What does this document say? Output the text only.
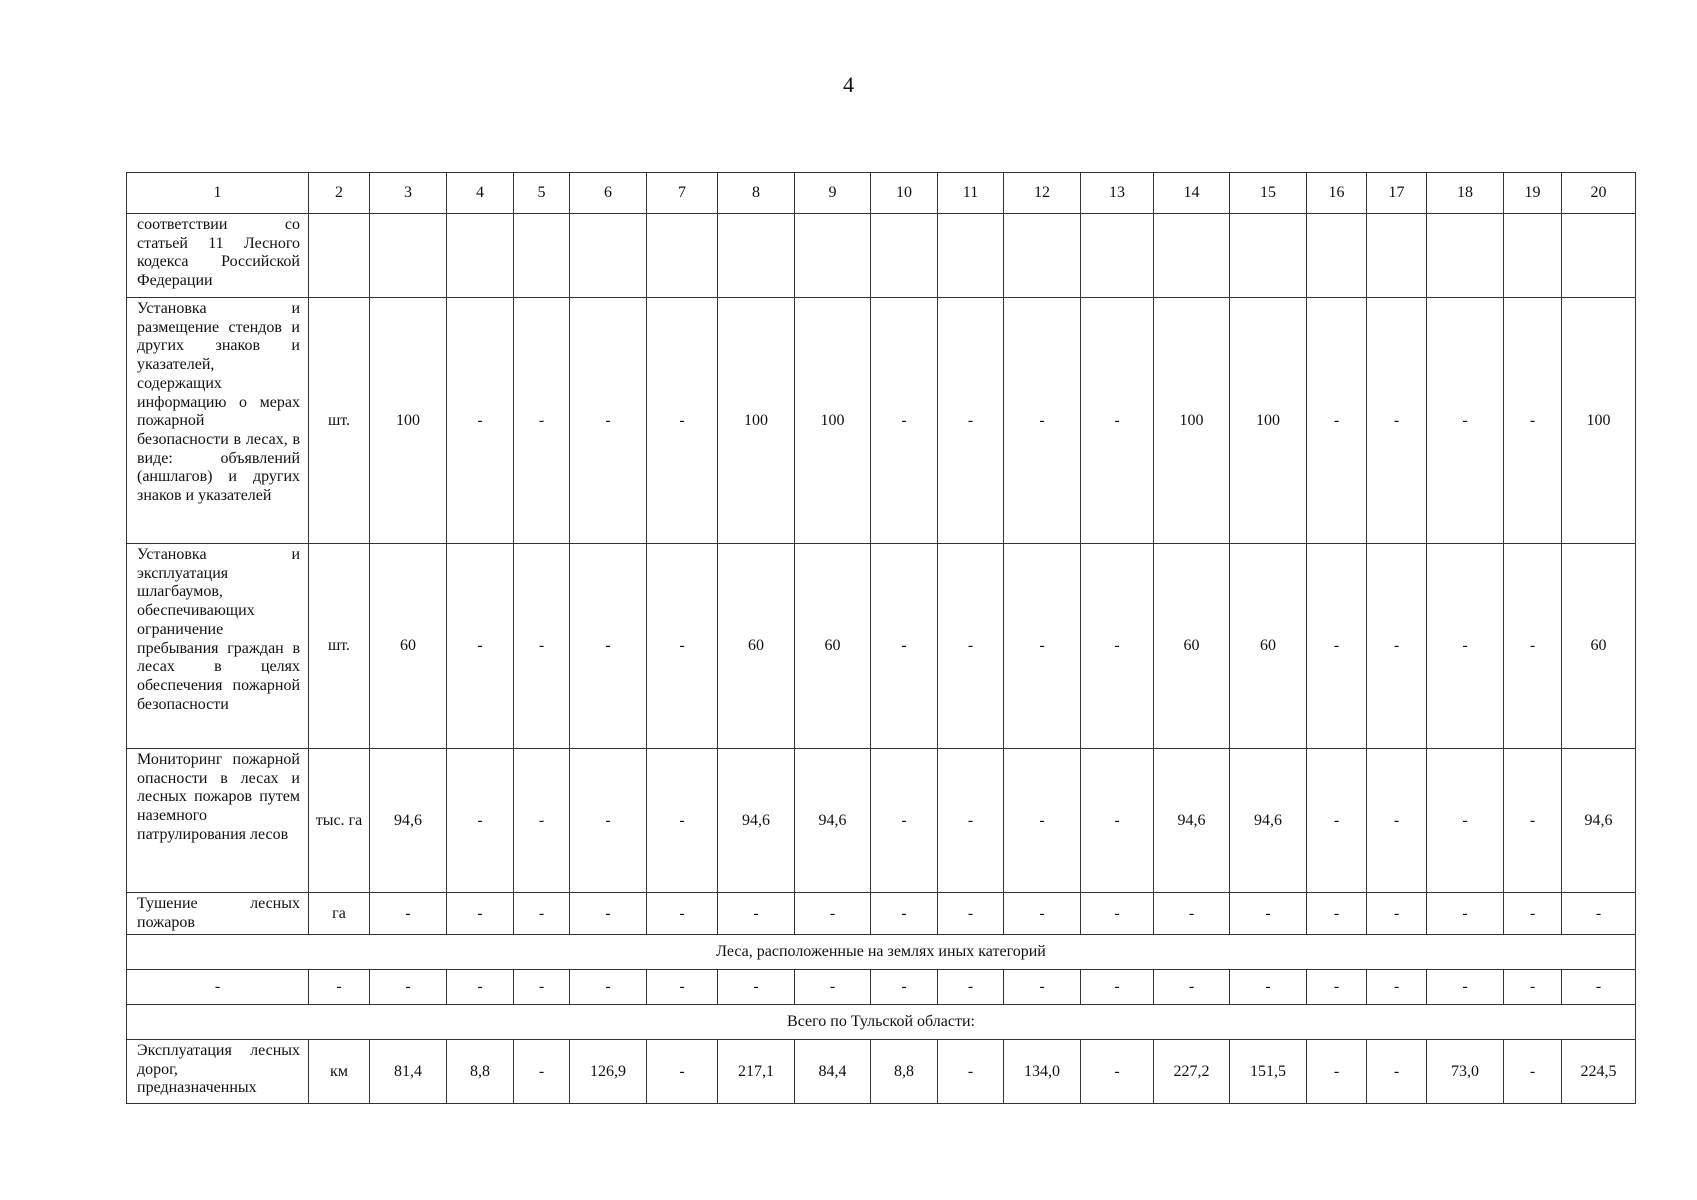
4
1	2	3	4	5	6	7	8	9	10	11	12	13	14	15	16	17	18	19	20
соответствии со статьей 11 Лесного кодекса Российской Федерации																			
Установка и размещение стендов и других знаков и указателей, содержащих информацию о мерах пожарной безопасности в лесах, в виде: объявлений (аншлагов) и других знаков и указателей	шт.	100	-	-	-	-	100	100	-	-	-	-	100	100	-	-	-	-	100
Установка и эксплуатация шлагбаумов, обеспечивающих ограничение пребывания граждан в лесах в целях обеспечения пожарной безопасности	шт.	60	-	-	-	-	60	60	-	-	-	-	60	60	-	-	-	-	60
Мониторинг пожарной опасности в лесах и лесных пожаров путем наземного патрулирования лесов	тыс. га	94,6	-	-	-	-	94,6	94,6	-	-	-	-	94,6	94,6	-	-	-	-	94,6
Тушение лесных пожаров	га	-	-	-	-	-	-	-	-	-	-	-	-	-	-	-	-	-	-
Леса, расположенные на землях иных категорий																			
-	-	-	-	-	-	-	-	-	-	-	-	-	-	-	-	-	-	-	-
Всего по Тульской области:																			
Эксплуатация лесных дорог, предназначенных	км	81,4	8,8	-	126,9	-	217,1	84,4	8,8	-	134,0	-	227,2	151,5	-	-	73,0	-	224,5
